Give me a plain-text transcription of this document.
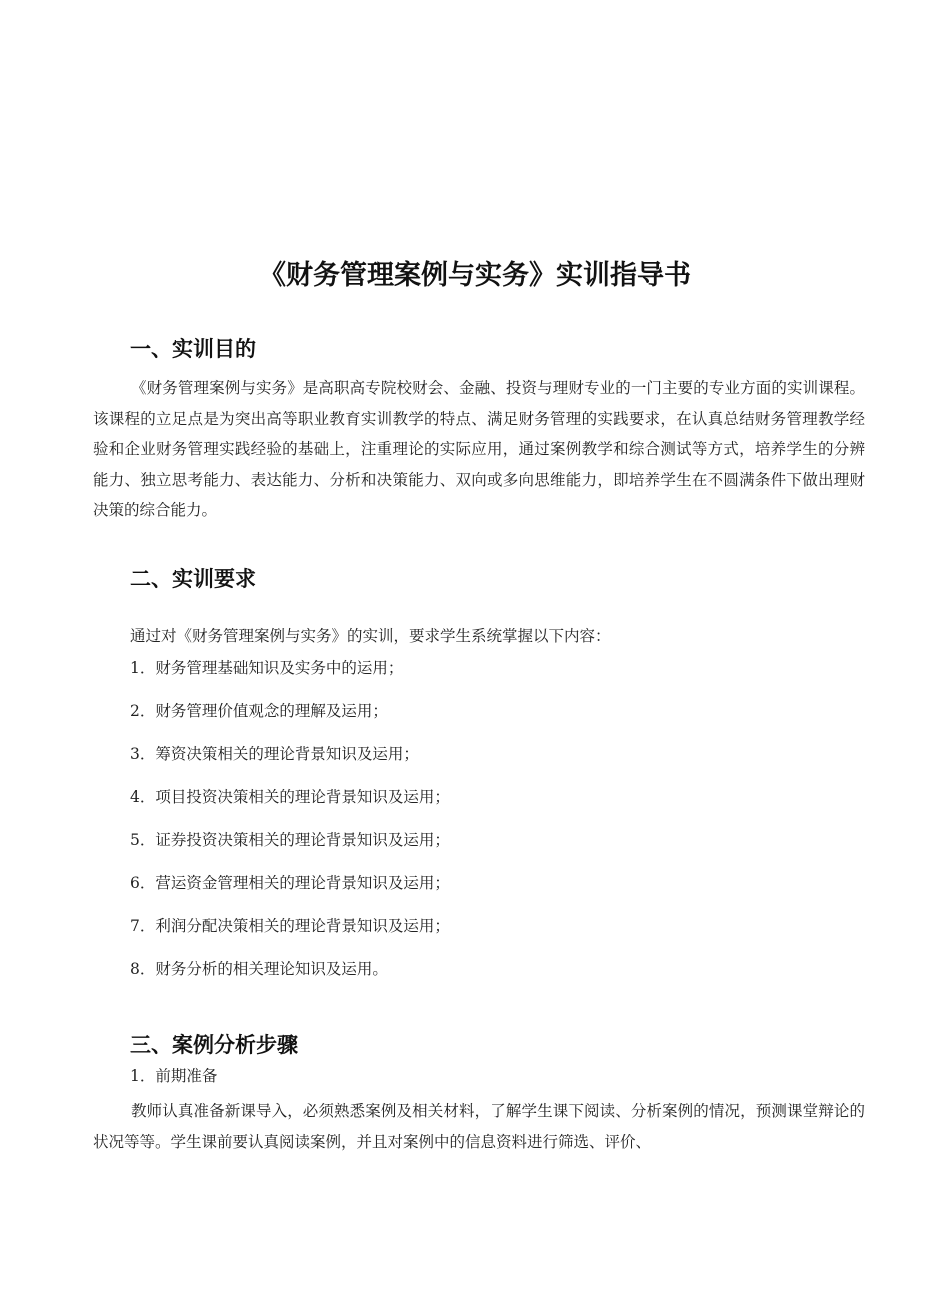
《财务管理案例与实务》实训指导书
一、实训目的

《财务管理案例与实务》是高职高专院校财会、金融、投资与理财专业的一门主要的专业方面的实训课程。该课程的立足点是为突出高等职业教育实训教学的特点、满足财务管理的实践要求，在认真总结财务管理教学经验和企业财务管理实践经验的基础上，注重理论的实际应用，通过案例教学和综合测试等方式，培养学生的分辨能力、独立思考能力、表达能力、分析和决策能力、双向或多向思维能力，即培养学生在不圆满条件下做出理财决策的综合能力。

二、实训要求

通过对《财务管理案例与实务》的实训，要求学生系统掌握以下内容：

1．财务管理基础知识及实务中的运用；
2．财务管理价值观念的理解及运用；
3．筹资决策相关的理论背景知识及运用；
4．项目投资决策相关的理论背景知识及运用；
5．证券投资决策相关的理论背景知识及运用；
6．营运资金管理相关的理论背景知识及运用；
7．利润分配决策相关的理论背景知识及运用；
8．财务分析的相关理论知识及运用。
三、案例分析步骤

1．前期准备

教师认真准备新课导入，必须熟悉案例及相关材料，了解学生课下阅读、分析案例的情况，预测课堂辩论的状况等等。学生课前要认真阅读案例，并且对案例中的信息资料进行筛选、评价、
